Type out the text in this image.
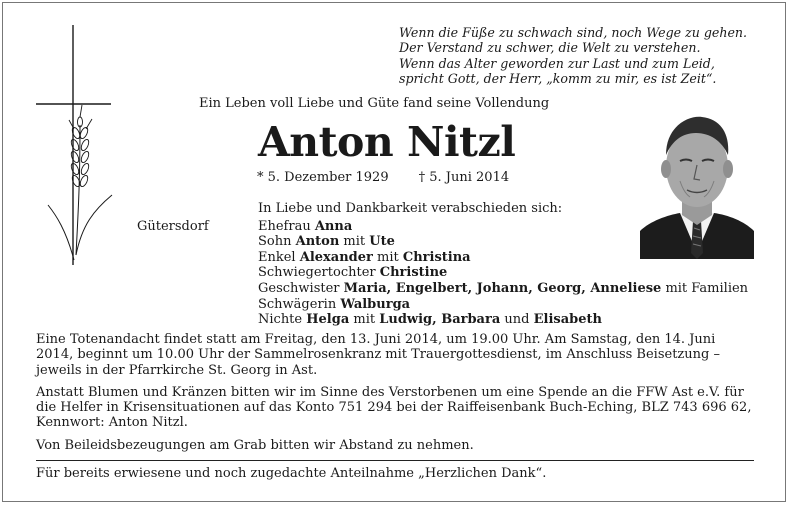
Wenn die Füße zu schwach sind, noch Wege zu gehen.
Der Verstand zu schwer, die Welt zu verstehen.
Wenn das Alter geworden zur Last und zum Leid,
spricht Gott, der Herr, „komm zu mir, es ist Zeit“.
Ein Leben voll Liebe und Güte fand seine Vollendung
Anton Nitzl
* 5. Dezember 1929 † 5. Juni 2014
Gütersdorf
In Liebe und Dankbarkeit verabschieden sich:
Ehefrau Anna
Sohn Anton mit Ute
Enkel Alexander mit Christina
Schwiegertochter Christine
Geschwister Maria, Engelbert, Johann, Georg, Anneliese mit Familien
Schwägerin Walburga
Nichte Helga mit Ludwig, Barbara und Elisabeth

Eine Totenandacht findet statt am Freitag, den 13. Juni 2014, um 19.00 Uhr. Am Samstag, den 14. Juni 2014, beginnt um 10.00 Uhr der Sammelrosenkranz mit Trauergottesdienst, im Anschluss Beisetzung – jeweils in der Pfarrkirche St. Georg in Ast.

Anstatt Blumen und Kränzen bitten wir im Sinne des Verstorbenen um eine Spende an die FFW Ast e.V. für die Helfer in Krisensituationen auf das Konto 751 294 bei der Raiffeisenbank Buch-Eching, BLZ 743 696 62, Kennwort: Anton Nitzl.

Von Beileidsbezeugungen am Grab bitten wir Abstand zu nehmen.

Für bereits erwiesene und noch zugedachte Anteilnahme „Herzlichen Dank“.
